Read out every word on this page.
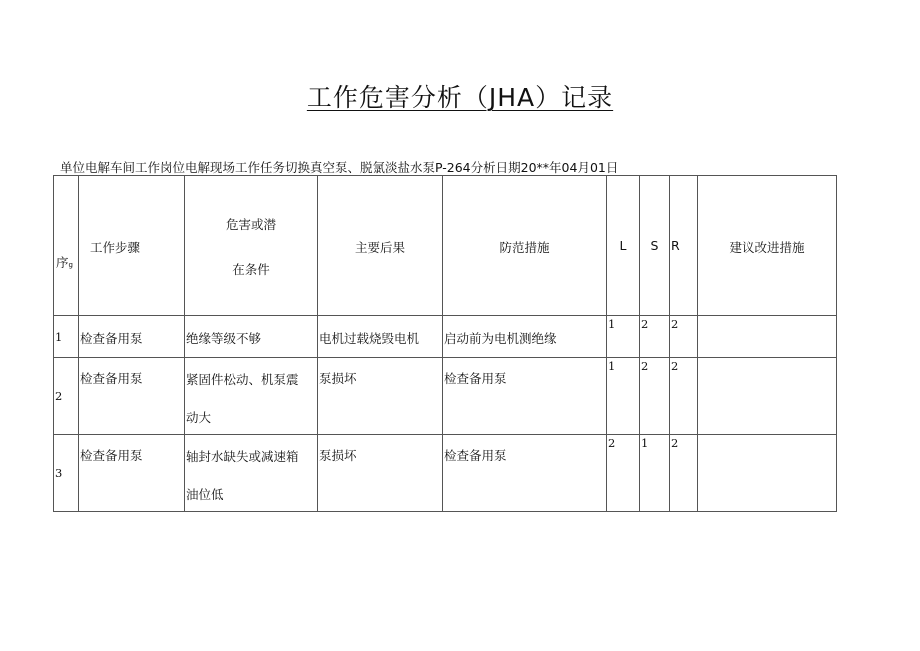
工作危害分析（JHA）记录
单位电解车间工作岗位电解现场工作任务切换真空泵、脱氯淡盐水泵P-264分析日期20**年04月01日
序g	工作步骤	危害或潜
在条件	主要后果	防范措施	L	S	R	建议改进措施

1	检查备用泵	绝缘等级不够	电机过载烧毁电机	启动前为电机测绝缘	1	2	2	

2	检查备用泵	紧固件松动、机泵震
动大	泵损坏	检查备用泵	1	2	2	

3	检查备用泵	轴封水缺失或减速箱
油位低	泵损坏	检查备用泵	2	1	2	
